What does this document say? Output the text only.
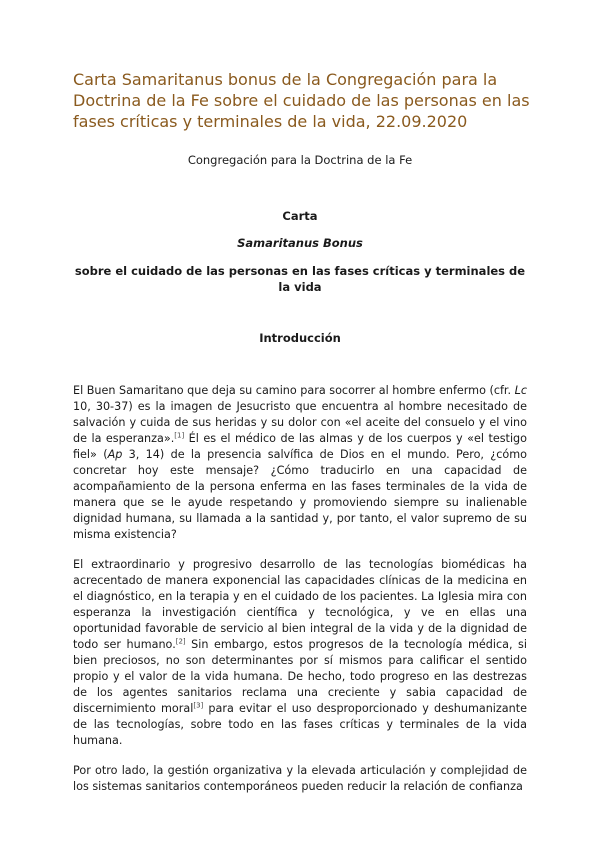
Carta Samaritanus bonus de la Congregación para la Doctrina de la Fe sobre el cuidado de las personas en las fases críticas y terminales de la vida, 22.09.2020
Congregación para la Doctrina de la Fe
Carta
Samaritanus Bonus
sobre el cuidado de las personas en las fases críticas y terminales de la vida
Introducción

El Buen Samaritano que deja su camino para socorrer al hombre enfermo (cfr. Lc 10, 30-37) es la imagen de Jesucristo que encuentra al hombre necesitado de salvación y cuida de sus heridas y su dolor con «el aceite del consuelo y el vino de la esperanza».[1] Él es el médico de las almas y de los cuerpos y «el testigo fiel» (Ap 3, 14) de la presencia salvífica de Dios en el mundo. Pero, ¿cómo concretar hoy este mensaje? ¿Cómo traducirlo en una capacidad de acompañamiento de la persona enferma en las fases terminales de la vida de manera que se le ayude respetando y promoviendo siempre su inalienable dignidad humana, su llamada a la santidad y, por tanto, el valor supremo de su misma existencia?

El extraordinario y progresivo desarrollo de las tecnologías biomédicas ha acrecentado de manera exponencial las capacidades clínicas de la medicina en el diagnóstico, en la terapia y en el cuidado de los pacientes. La Iglesia mira con esperanza la investigación científica y tecnológica, y ve en ellas una oportunidad favorable de servicio al bien integral de la vida y de la dignidad de todo ser humano.[2] Sin embargo, estos progresos de la tecnología médica, si bien preciosos, no son determinantes por sí mismos para calificar el sentido propio y el valor de la vida humana. De hecho, todo progreso en las destrezas de los agentes sanitarios reclama una creciente y sabia capacidad de discernimiento moral[3] para evitar el uso desproporcionado y deshumanizante de las tecnologías, sobre todo en las fases críticas y terminales de la vida humana.

Por otro lado, la gestión organizativa y la elevada articulación y complejidad de los sistemas sanitarios contemporáneos pueden reducir la relación de confianza
